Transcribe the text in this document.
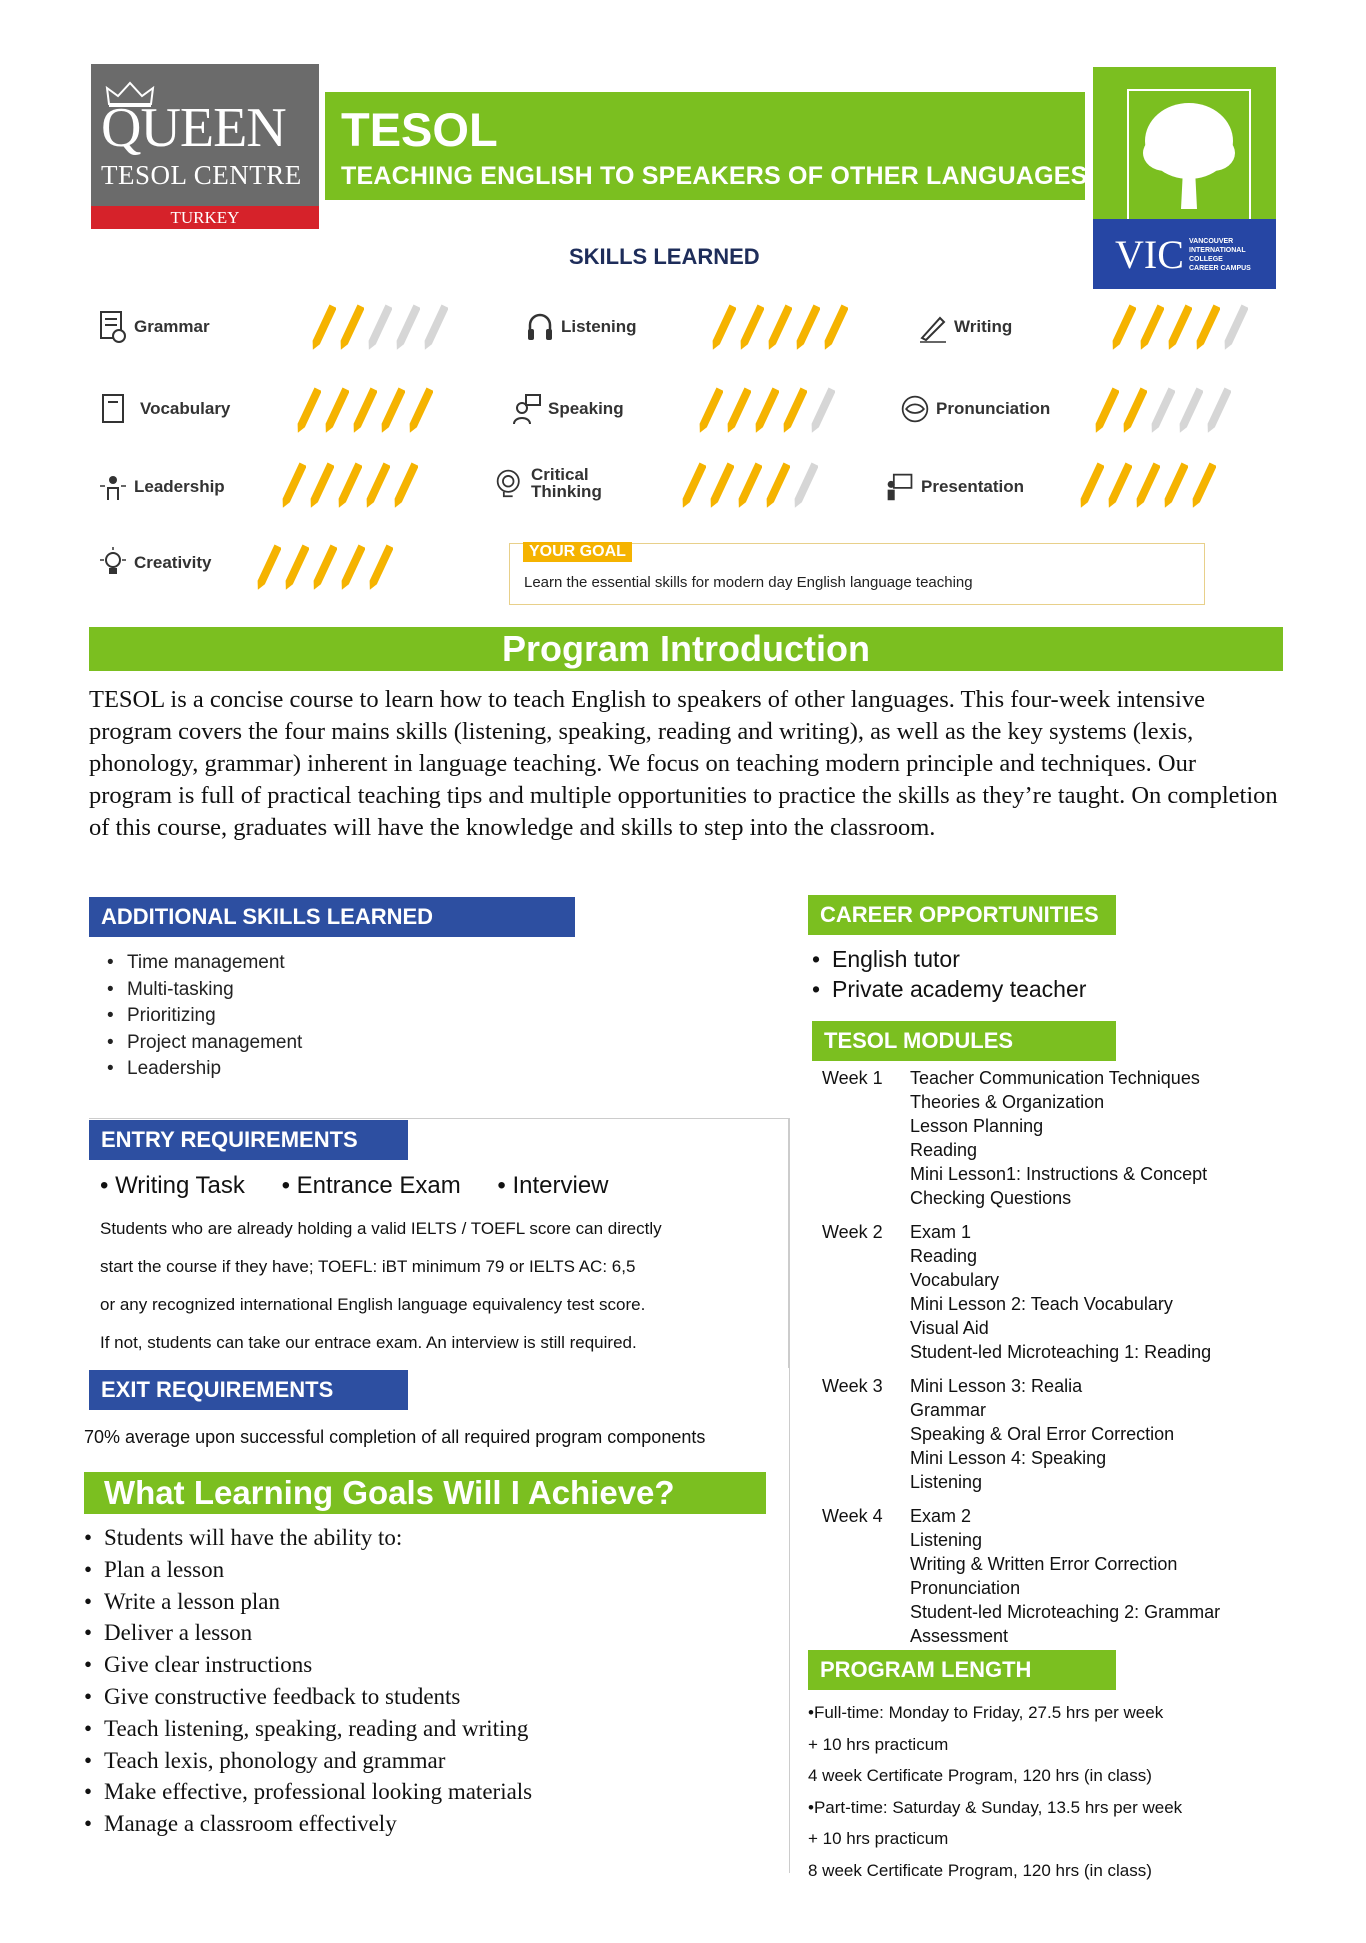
QUEEN
TESOL CENTRE
TURKEY
TESOL
TEACHING ENGLISH TO SPEAKERS OF OTHER LANGUAGES
VIC VANCOUVER
INTERNATIONAL
COLLEGE
CAREER CAMPUS
SKILLS LEARNED
Grammar	Listening	Writing
Vocabulary	Speaking	Pronunciation
Leadership
Critical Thinking	Presentation
Creativity
YOUR GOAL
Learn the essential skills for modern day English language teaching
Program Introduction
TESOL is a concise course to learn how to teach English to speakers of other languages. This four-week intensive program covers the four mains skills (listening, speaking, reading and writing), as well as the key systems (lexis, phonology, grammar) inherent in language teaching. We focus on teaching modern principle and techniques. Our program is full of practical teaching tips and multiple opportunities to practice the skills as they’re taught. On completion of this course, graduates will have the knowledge and skills to step into the classroom.
ADDITIONAL SKILLS LEARNED
• Time management
• Multi-tasking
• Prioritizing
• Project management
• Leadership
ENTRY REQUIREMENTS
• Writing Task • Entrance Exam • Interview
Students who are already holding a valid IELTS / TOEFL score can directly
start the course if they have; TOEFL: iBT minimum 79 or IELTS AC: 6,5
or any recognized international English language equivalency test score.
If not, students can take our entrace exam. An interview is still required.
EXIT REQUIREMENTS
70% average upon successful completion of all required program components
What Learning Goals Will I Achieve?
• Students will have the ability to:
• Plan a lesson
• Write a lesson plan
• Deliver a lesson
• Give clear instructions
• Give constructive feedback to students
• Teach listening, speaking, reading and writing
• Teach lexis, phonology and grammar
• Make effective, professional looking materials
• Manage a classroom effectively
CAREER OPPORTUNITIES
• English tutor
• Private academy teacher
TESOL MODULES
Week 1	Teacher Communication Techniques
Theories & Organization
Lesson Planning
Reading
Mini Lesson1: Instructions & Concept
Checking Questions
Week 2	Exam 1
Reading
Vocabulary
Mini Lesson 2: Teach Vocabulary
Visual Aid
Student-led Microteaching 1: Reading
Week 3	Mini Lesson 3: Realia
Grammar
Speaking & Oral Error Correction
Mini Lesson 4: Speaking
Listening
Week 4	Exam 2
Listening
Writing & Written Error Correction
Pronunciation
Student-led Microteaching 2: Grammar
Assessment
PROGRAM LENGTH
•Full-time: Monday to Friday, 27.5 hrs per week
+ 10 hrs practicum
4 week Certificate Program, 120 hrs (in class)
•Part-time: Saturday & Sunday, 13.5 hrs per week
+ 10 hrs practicum
8 week Certificate Program, 120 hrs (in class)
